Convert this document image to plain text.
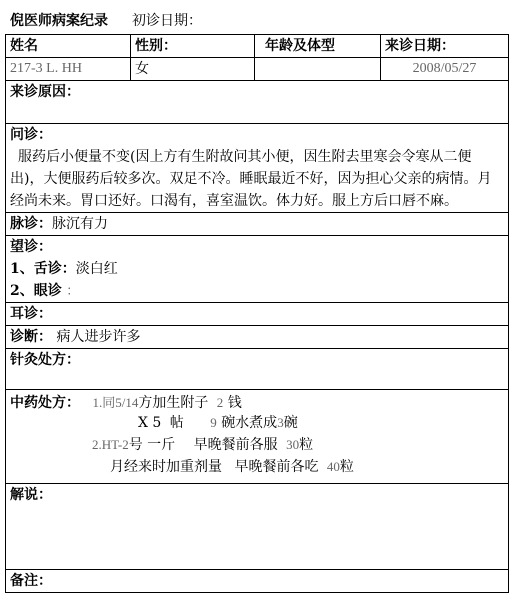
倪医师病案纪录 初诊日期：
姓名	性别：	年龄及体型	来诊日期：
217-3 L. HH	女		2008/05/27

来诊原因：			

问诊：
服药后小便量不变(因上方有生附故问其小便，因生附去里寒会令寒从二便出)，大便服药后较多次。双足不冷。睡眠最近不好，因为担心父亲的病情。月经尚未来。胃口还好。口渴有，喜室温饮。体力好。服上方后口唇不麻。			

脉诊：脉沉有力			

望诊：
1、舌诊：淡白红
2、眼诊 ：			

耳诊：			
诊断： 病人进步许多			

针灸处方：			

中药处方： 1.同5/14方加生附子 2 钱
X 5 帖 9 碗水煮成3碗
2.HT-2号 一斤 早晚餐前各服 30粒
月经来时加重剂量 早晚餐前各吃 40粒			

解说：			

备注：			
